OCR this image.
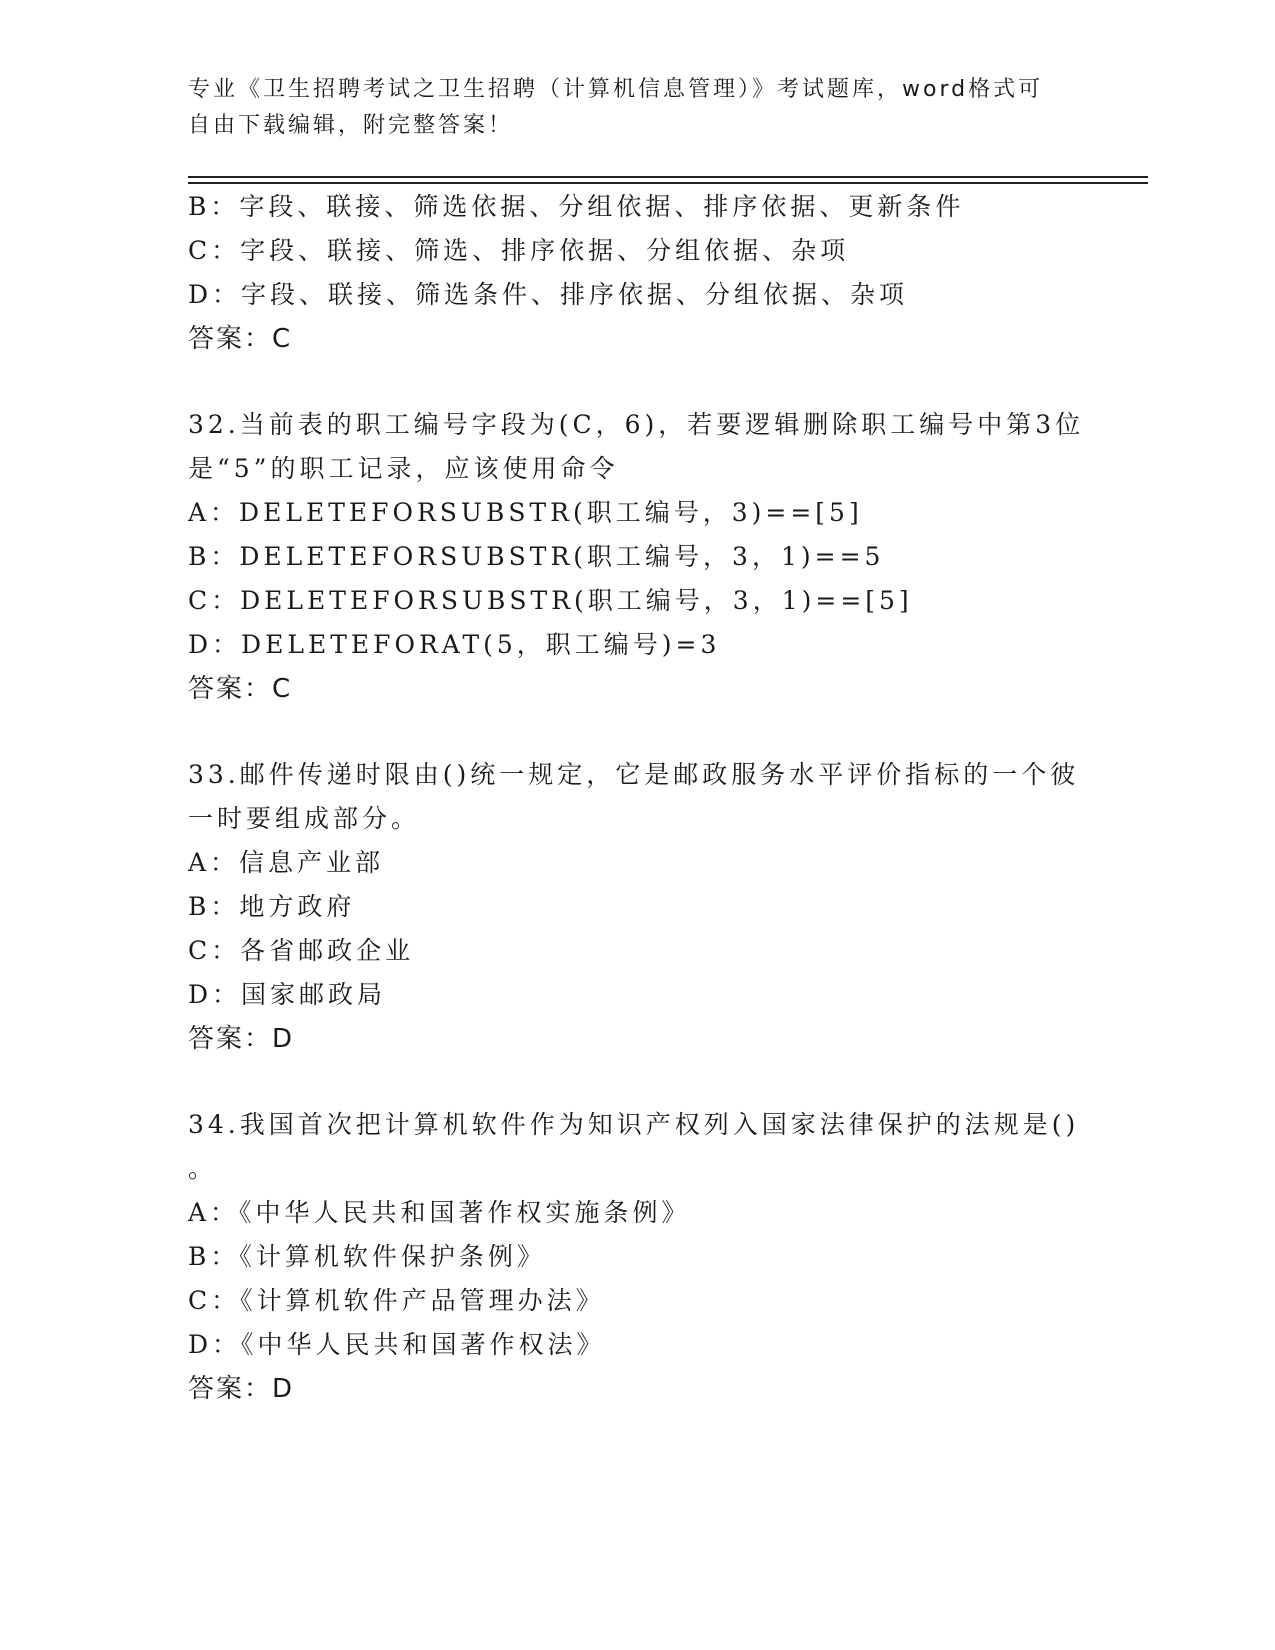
专业《卫生招聘考试之卫生招聘（计算机信息管理）》考试题库，word格式可自由下载编辑，附完整答案！
B：字段、联接、筛选依据、分组依据、排序依据、更新条件
C：字段、联接、筛选、排序依据、分组依据、杂项
D：字段、联接、筛选条件、排序依据、分组依据、杂项
答案：C
32.当前表的职工编号字段为(C，6)，若要逻辑删除职工编号中第3位
是“5”的职工记录，应该使用命令
A：DELETEFORSUBSTR(职工编号，3)==[5]
B：DELETEFORSUBSTR(职工编号，3，1)==5
C：DELETEFORSUBSTR(职工编号，3，1)==[5]
D：DELETEFORAT(5，职工编号)=3
答案：C
33.邮件传递时限由()统一规定，它是邮政服务水平评价指标的一个彼
一时要组成部分。
A：信息产业部
B：地方政府
C：各省邮政企业
D：国家邮政局
答案：D
34.我国首次把计算机软件作为知识产权列入国家法律保护的法规是()
。
A：《中华人民共和国著作权实施条例》
B：《计算机软件保护条例》
C：《计算机软件产品管理办法》
D：《中华人民共和国著作权法》
答案：D
